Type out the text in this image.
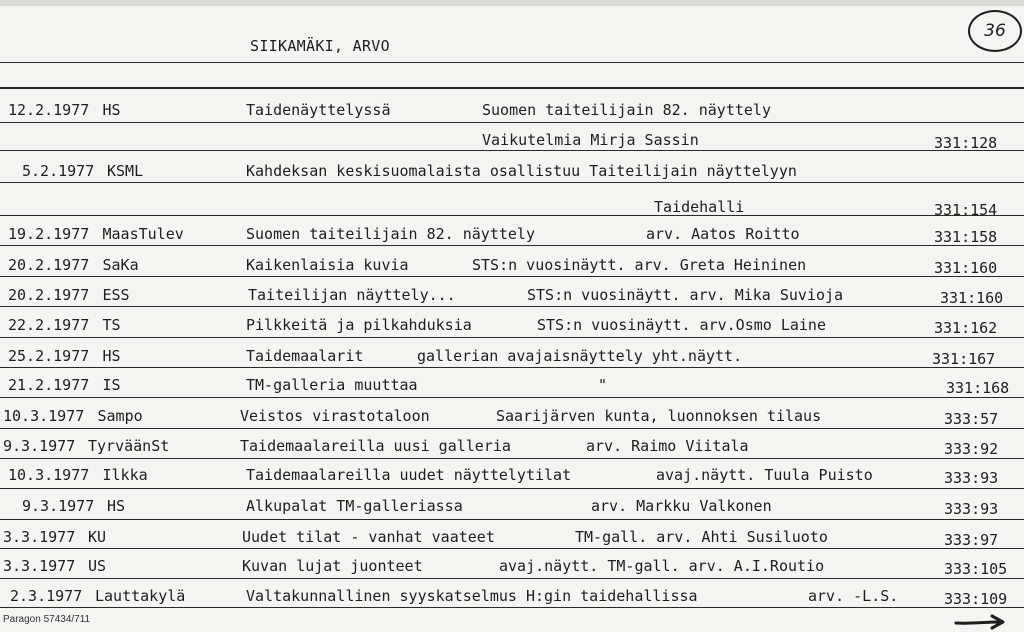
SIIKAMÄKI, ARVO
36
12.2.1977 HS	Taidenäyttelyssä	Suomen taiteilijain 82. näyttely
Vaikutelmia Mirja Sassin	331:128
5.2.1977 KSML	Kahdeksan keskisuomalaista osallistuu Taiteilijain näyttelyyn
Taidehalli	331:154
19.2.1977 MaasTulev	Suomen taiteilijain 82. näyttely	arv. Aatos Roitto	331:158
20.2.1977 SaKa	Kaikenlaisia kuvia	STS:n vuosinäytt. arv. Greta Heininen	331:160
20.2.1977 ESS	Taiteilijan näyttely...	STS:n vuosinäytt. arv. Mika Suvioja	331:160
22.2.1977 TS	Pilkkeitä ja pilkahduksia	STS:n vuosinäytt. arv.Osmo Laine	331:162
25.2.1977 HS	Taidemaalarit	gallerian avajaisnäyttely yht.näytt.	331:167
21.2.1977 IS	TM-galleria muuttaa	"	331:168
10.3.1977 Sampo	Veistos virastotaloon	Saarijärven kunta, luonnoksen tilaus	333:57
9.3.1977 TyrväänSt	Taidemaalareilla uusi galleria	arv. Raimo Viitala	333:92
10.3.1977 Ilkka	Taidemaalareilla uudet näyttelytilat	avaj.näytt. Tuula Puisto	333:93
9.3.1977 HS	Alkupalat TM-galleriassa	arv. Markku Valkonen	333:93
3.3.1977 KU	Uudet tilat - vanhat vaateet	TM-gall. arv. Ahti Susiluoto	333:97
3.3.1977 US	Kuvan lujat juonteet	avaj.näytt. TM-gall. arv. A.I.Routio	333:105
2.3.1977 Lauttakylä	Valtakunnallinen syyskatselmus H:gin taidehallissa	arv. -L.S.	333:109
Paragon 57434/711
